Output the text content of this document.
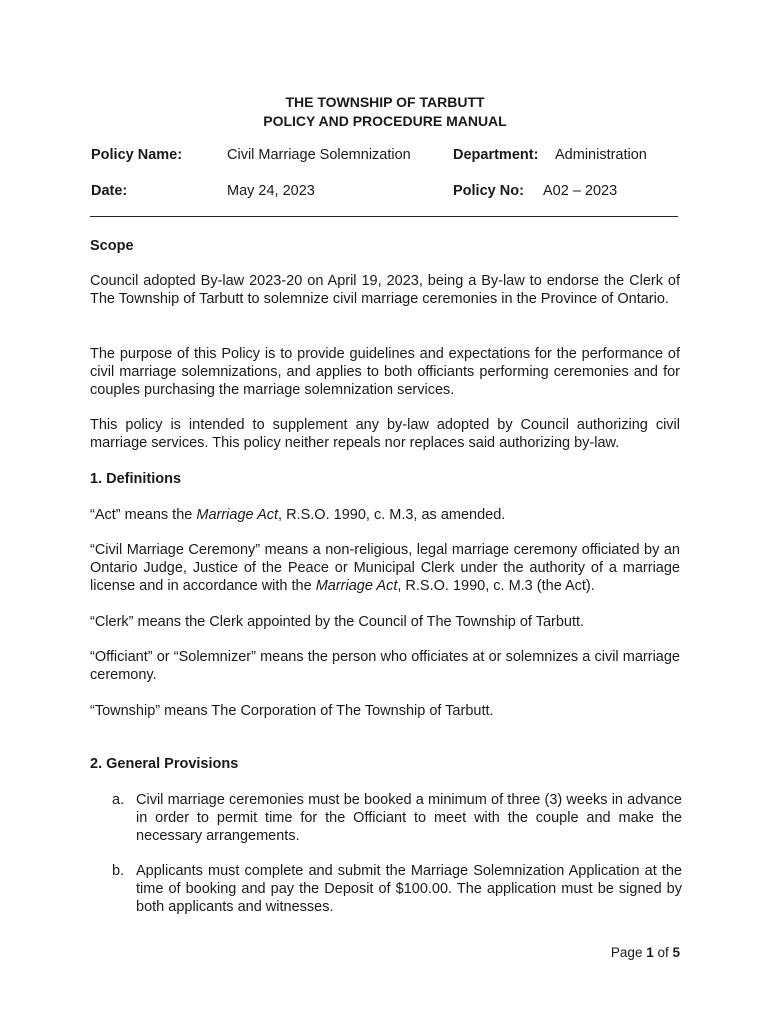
THE TOWNSHIP OF TARBUTT
POLICY AND PROCEDURE MANUAL
Policy Name:	Civil Marriage Solemnization	Department: Administration
Date:	May 24, 2023	Policy No: A02 – 2023
Scope

Council adopted By-law 2023-20 on April 19, 2023, being a By-law to endorse the Clerk of The Township of Tarbutt to solemnize civil marriage ceremonies in the Province of Ontario.

The purpose of this Policy is to provide guidelines and expectations for the performance of civil marriage solemnizations, and applies to both officiants performing ceremonies and for couples purchasing the marriage solemnization services.

This policy is intended to supplement any by-law adopted by Council authorizing civil marriage services. This policy neither repeals nor replaces said authorizing by-law.

1. Definitions

“Act” means the Marriage Act, R.S.O. 1990, c. M.3, as amended.

“Civil Marriage Ceremony” means a non-religious, legal marriage ceremony officiated by an Ontario Judge, Justice of the Peace or Municipal Clerk under the authority of a marriage license and in accordance with the Marriage Act, R.S.O. 1990, c. M.3 (the Act).

“Clerk” means the Clerk appointed by the Council of The Township of Tarbutt.

“Officiant” or “Solemnizer” means the person who officiates at or solemnizes a civil marriage ceremony.

“Township” means The Corporation of The Township of Tarbutt.

2. General Provisions
a. Civil marriage ceremonies must be booked a minimum of three (3) weeks in advance in order to permit time for the Officiant to meet with the couple and make the necessary arrangements.
b. Applicants must complete and submit the Marriage Solemnization Application at the time of booking and pay the Deposit of $100.00. The application must be signed by both applicants and witnesses.
Page 1 of 5
